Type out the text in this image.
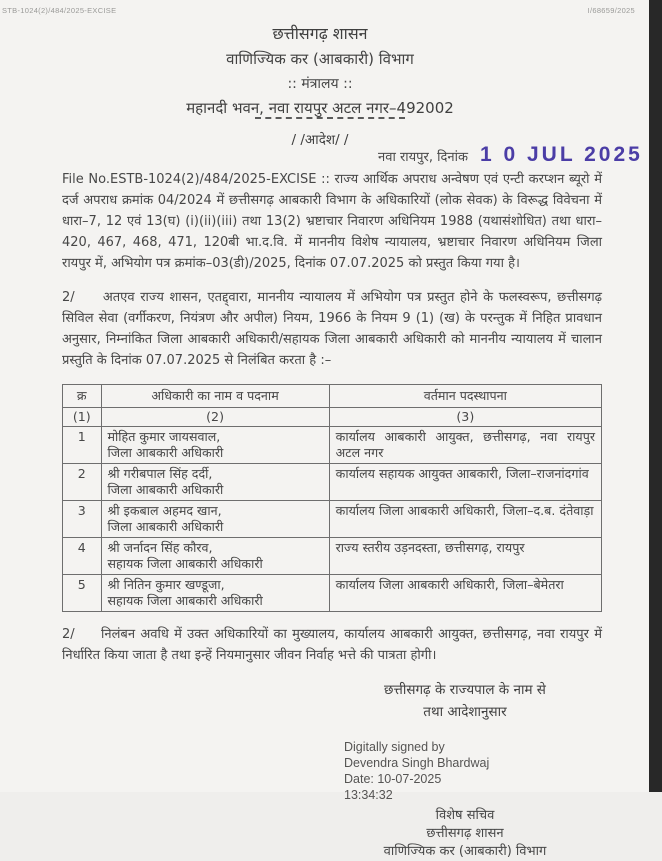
STB-1024(2)/484/2025-EXCISE	I/68659/2025
छत्तीसगढ़ शासन
वाणिज्यिक कर (आबकारी) विभाग
:: मंत्रालय ::
महानदी भवन, नवा रायपुर अटल नगर–492002
/ /आदेश/ /
नवा रायपुर, दिनांक 1 0 JUL 2025

File No.ESTB-1024(2)/484/2025-EXCISE :: राज्य आर्थिक अपराध अन्वेषण एवं एन्टी करप्शन ब्यूरो में दर्ज अपराध क्रमांक 04/2024 में छत्तीसगढ़ आबकारी विभाग के अधिकारियों (लोक सेवक) के विरूद्ध विवेचना में धारा–7, 12 एवं 13(घ) (i)(ii)(iii) तथा 13(2) भ्रष्टाचार निवारण अधिनियम 1988 (यथासंशोधित) तथा धारा–420, 467, 468, 471, 120बी भा.द.वि. में माननीय विशेष न्यायालय, भ्रष्टाचार निवारण अधिनियम जिला रायपुर में, अभियोग पत्र क्रमांक–03(डी)/2025, दिनांक 07.07.2025 को प्रस्तुत किया गया है।

2/     अतएव राज्य शासन, एतद्द्वारा, माननीय न्यायालय में अभियोग पत्र प्रस्तुत होने के फलस्वरूप, छत्तीसगढ़ सिविल सेवा (वर्गीकरण, नियंत्रण और अपील) नियम, 1966 के नियम 9 (1) (ख) के परन्तुक में निहित प्रावधान अनुसार, निम्नांकित जिला आबकारी अधिकारी/सहायक जिला आबकारी अधिकारी को माननीय न्यायालय में चालान प्रस्तुति के दिनांक 07.07.2025 से निलंबित करता है :–

क्र	अधिकारी का नाम व पदनाम	वर्तमान पदस्थापना
(1)	(2)	(3)
1	मोहित कुमार जायसवाल,
जिला आबकारी अधिकारी	कार्यालय आबकारी आयुक्त, छत्तीसगढ़, नवा रायपुर अटल नगर
2	श्री गरीबपाल सिंह दर्दी,
जिला आबकारी अधिकारी	कार्यालय सहायक आयुक्त आबकारी, जिला–राजनांदगांव
3	श्री इकबाल अहमद खान,
जिला आबकारी अधिकारी	कार्यालय जिला आबकारी अधिकारी, जिला–द.ब. दंतेवाड़ा
4	श्री जर्नादन सिंह कौरव,
सहायक जिला आबकारी अधिकारी	राज्य स्तरीय उड़नदस्ता, छत्तीसगढ़, रायपुर
5	श्री नितिन कुमार खण्डूजा,
सहायक जिला आबकारी अधिकारी	कार्यालय जिला आबकारी अधिकारी, जिला–बेमेतरा

2/     निलंबन अवधि में उक्त अधिकारियों का मुख्यालय, कार्यालय आबकारी आयुक्त, छत्तीसगढ़, नवा रायपुर में निर्धारित किया जाता है तथा इन्हें नियमानुसार जीवन निर्वाह भत्ते की पात्रता होगी।

छत्तीसगढ़ के राज्यपाल के नाम से
तथा आदेशानुसार
Digitally signed by
Devendra Singh Bhardwaj
Date: 10-07-2025
13:34:32
विशेष सचिव
छत्तीसगढ़ शासन
वाणिज्यिक कर (आबकारी) विभाग
